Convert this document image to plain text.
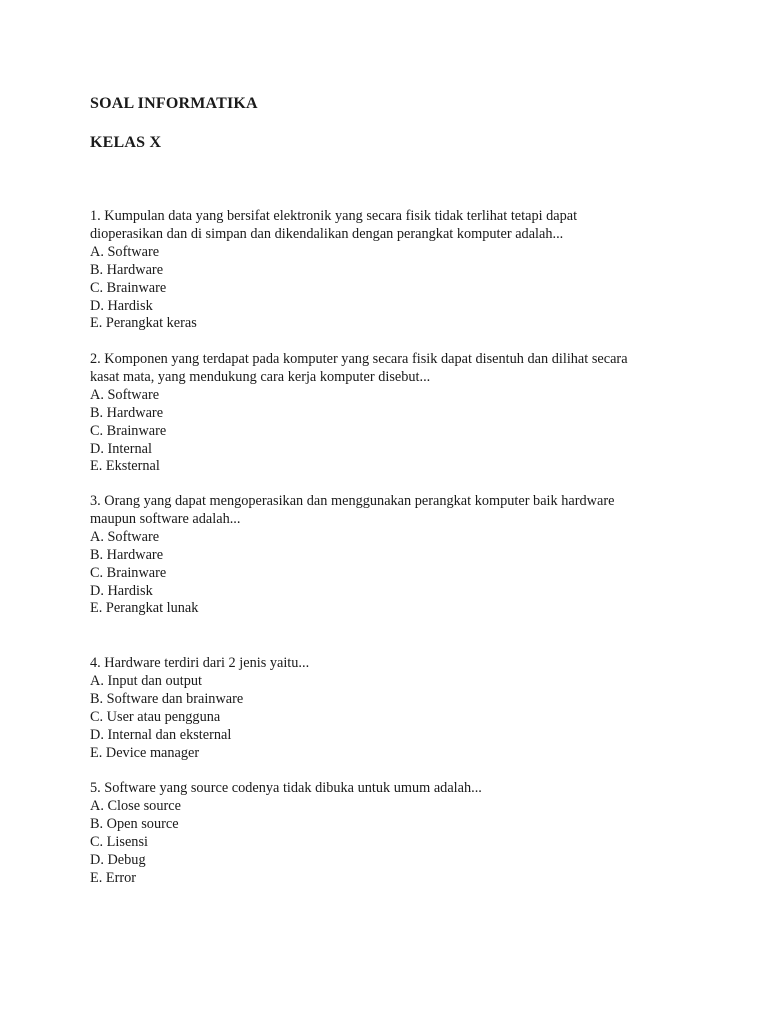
SOAL INFORMATIKA
KELAS X

1. Kumpulan data yang bersifat elektronik yang secara fisik tidak terlihat tetapi dapat
dioperasikan dan di simpan dan dikendalikan dengan perangkat komputer adalah...

A. Software
B. Hardware
C. Brainware
D. Hardisk
E. Perangkat keras

2. Komponen yang terdapat pada komputer yang secara fisik dapat disentuh dan dilihat secara
kasat mata, yang mendukung cara kerja komputer disebut...

A. Software
B. Hardware
C. Brainware
D. Internal
E. Eksternal

3. Orang yang dapat mengoperasikan dan menggunakan perangkat komputer baik hardware
maupun software adalah...

A. Software
B. Hardware
C. Brainware
D. Hardisk
E. Perangkat lunak

4. Hardware terdiri dari 2 jenis yaitu...

A. Input dan output
B. Software dan brainware
C. User atau pengguna
D. Internal dan eksternal
E. Device manager

5. Software yang source codenya tidak dibuka untuk umum adalah...

A. Close source
B. Open source
C. Lisensi
D. Debug
E. Error
